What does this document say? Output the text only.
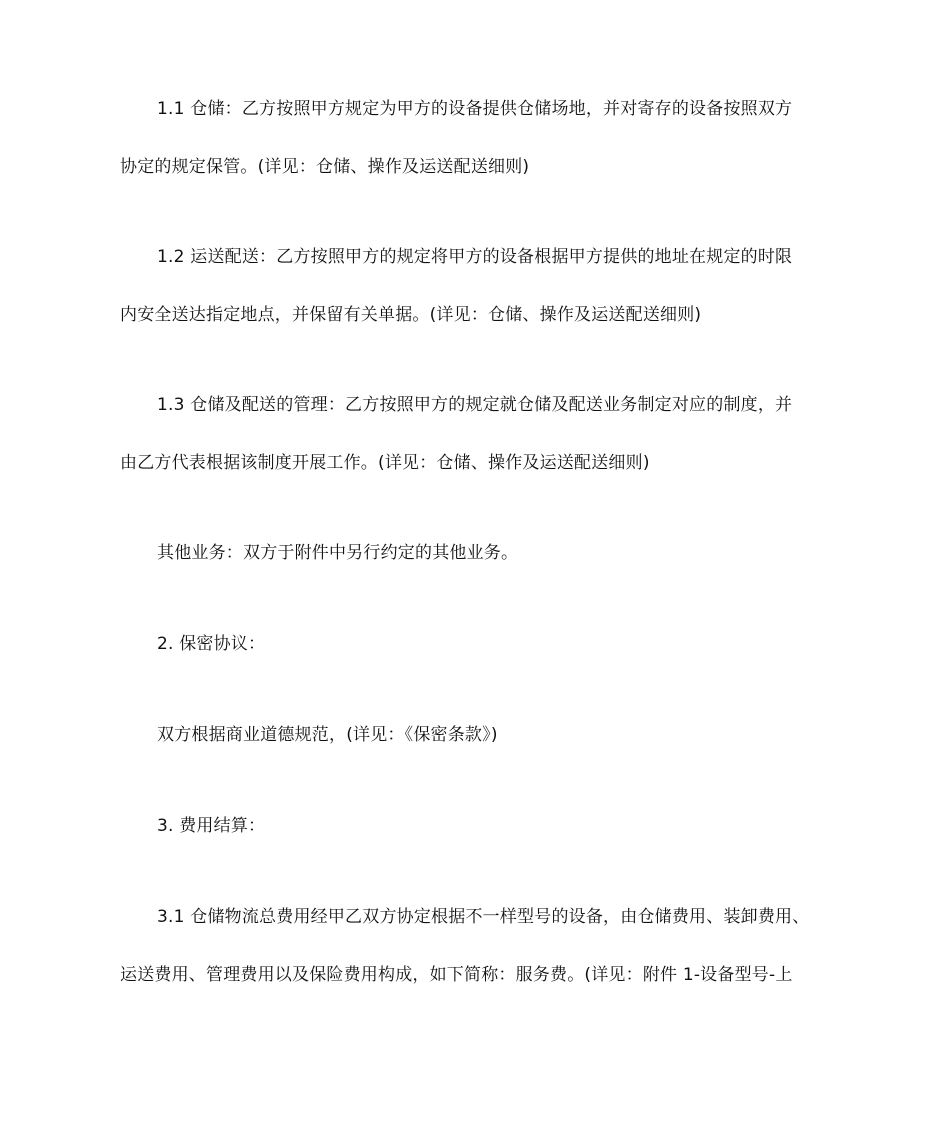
1.1 仓储：乙方按照甲方规定为甲方的设备提供仓储场地，并对寄存的设备按照双方
协定的规定保管。(详见：仓储、操作及运送配送细则)
1.2 运送配送：乙方按照甲方的规定将甲方的设备根据甲方提供的地址在规定的时限
内安全送达指定地点，并保留有关单据。(详见：仓储、操作及运送配送细则)
1.3 仓储及配送的管理：乙方按照甲方的规定就仓储及配送业务制定对应的制度，并
由乙方代表根据该制度开展工作。(详见：仓储、操作及运送配送细则)
其他业务：双方于附件中另行约定的其他业务。
2. 保密协议：
双方根据商业道德规范，(详见：《保密条款》)
3. 费用结算：
3.1 仓储物流总费用经甲乙双方协定根据不一样型号的设备，由仓储费用、装卸费用、
运送费用、管理费用以及保险费用构成，如下简称：服务费。(详见：附件 1-设备型号-上
